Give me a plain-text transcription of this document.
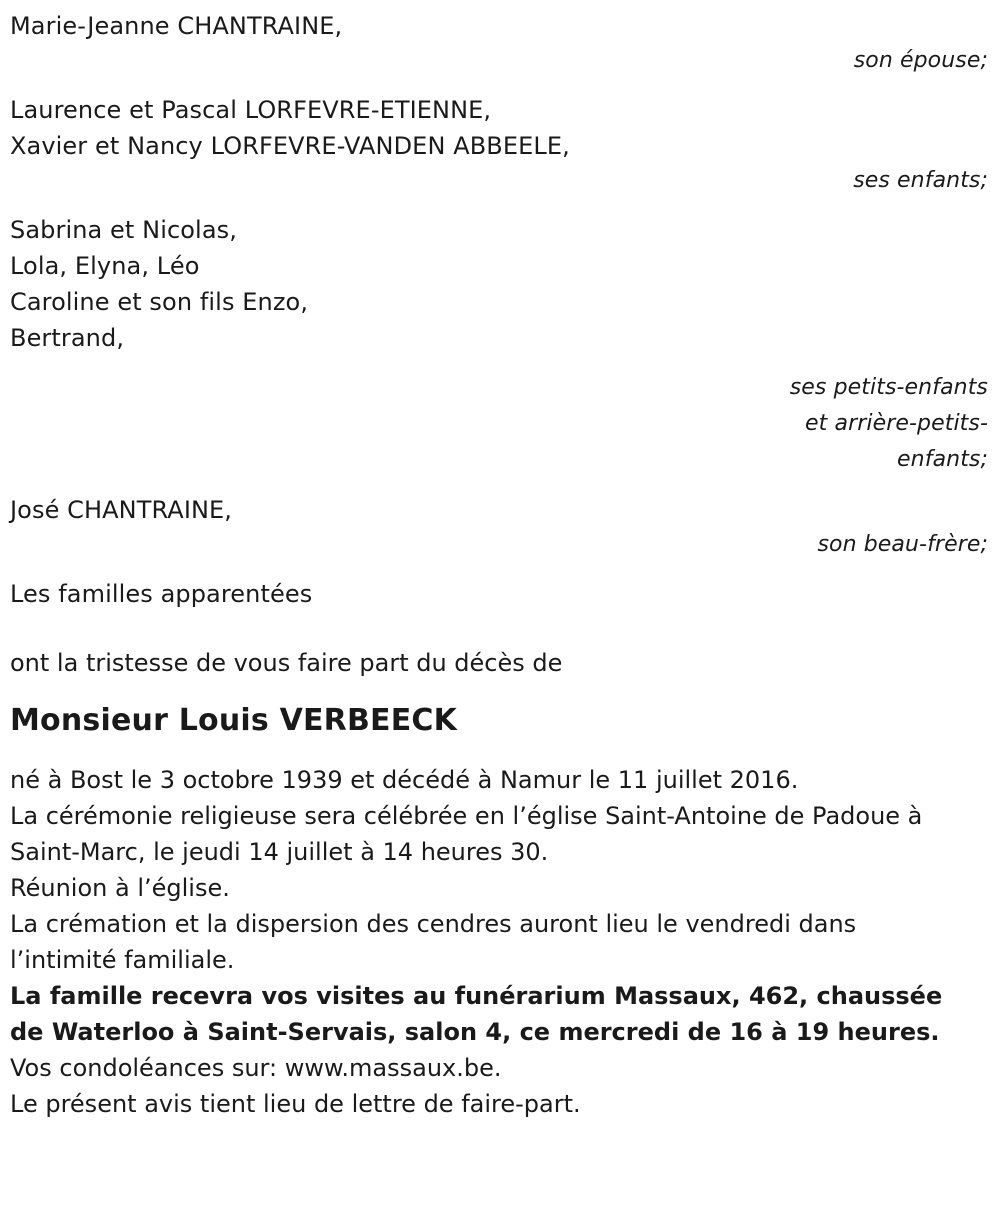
Marie-Jeanne CHANTRAINE,
son épouse;
Laurence et Pascal LORFEVRE-ETIENNE,
Xavier et Nancy LORFEVRE-VANDEN ABBEELE,
ses enfants;
Sabrina et Nicolas,
Lola, Elyna, Léo
Caroline et son fils Enzo,
Bertrand,
ses petits-enfants
et arrière-petits-
enfants;
José CHANTRAINE,
son beau-frère;
Les familles apparentées

ont la tristesse de vous faire part du décès de

Monsieur Louis VERBEECK

né à Bost le 3 octobre 1939 et décédé à Namur le 11 juillet 2016.

La cérémonie religieuse sera célébrée en l’église Saint-Antoine de Padoue à Saint-Marc, le jeudi 14 juillet à 14 heures 30.

Réunion à l’église.

La crémation et la dispersion des cendres auront lieu le vendredi dans l’intimité familiale.

La famille recevra vos visites au funérarium Massaux, 462, chaussée de Waterloo à Saint-Servais, salon 4, ce mercredi de 16 à 19 heures.

Vos condoléances sur: www.massaux.be.

Le présent avis tient lieu de lettre de faire-part.
